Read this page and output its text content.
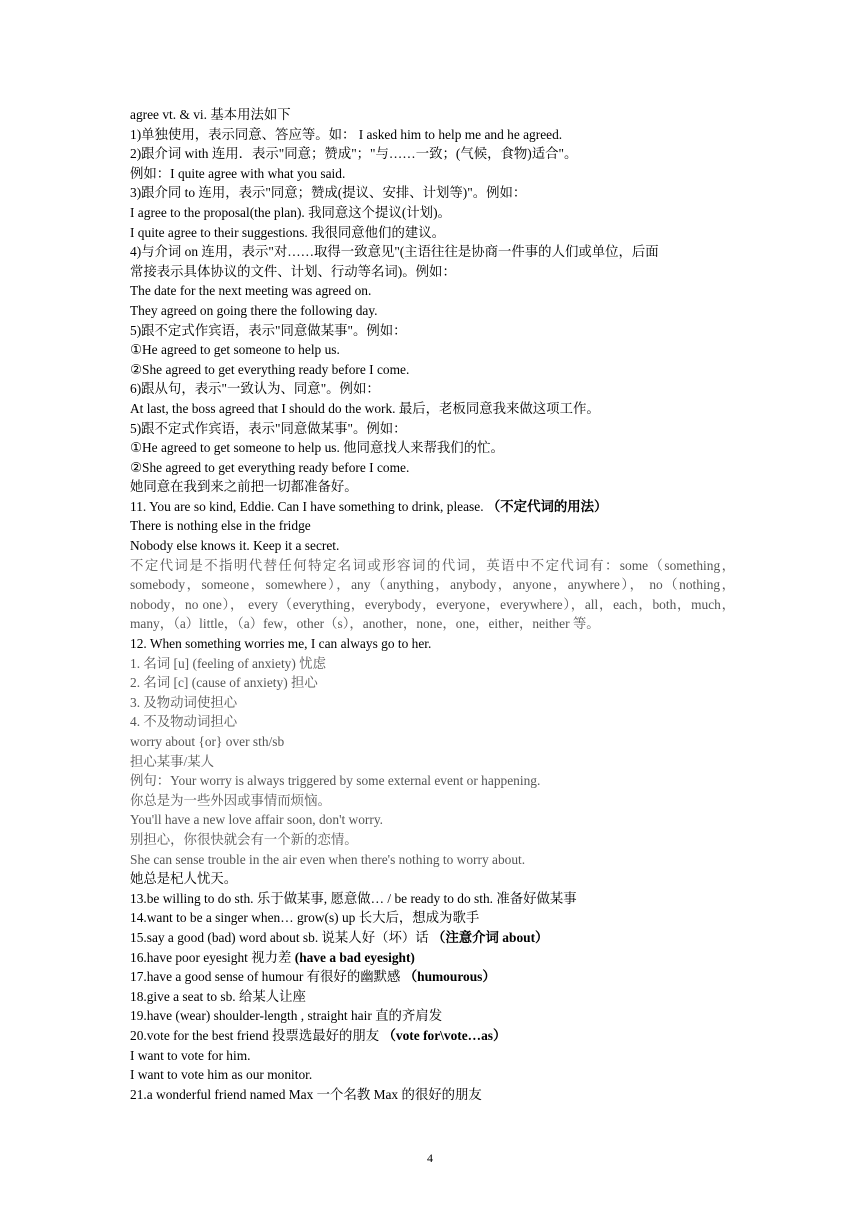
agree vt. & vi. 基本用法如下
1)单独使用，表示同意、答应等。如： I asked him to help me and he agreed.
2)跟介词 with 连用．表示"同意；赞成"；"与……一致；(气候，食物)适合"。
例如：I quite agree with what you said.
3)跟介同 to 连用，表示"同意；赞成(提议、安排、计划等)"。例如：
I agree to the proposal(the plan). 我同意这个提议(计划)。
I quite agree to their suggestions. 我很同意他们的建议。
4)与介词 on 连用，表示"对……取得一致意见"(主语往往是协商一件事的人们或单位，后面
常接表示具体协议的文件、计划、行动等名词)。例如：
The date for the next meeting was agreed on.
They agreed on going there the following day.
5)跟不定式作宾语，表示"同意做某事"。例如：
①He agreed to get someone to help us.
②She agreed to get everything ready before I come.
6)跟从句，表示"一致认为、同意"。例如：
At last, the boss agreed that I should do the work. 最后，老板同意我来做这项工作。
5)跟不定式作宾语，表示"同意做某事"。例如：
①He agreed to get someone to help us. 他同意找人来帮我们的忙。
②She agreed to get everything ready before I come.
她同意在我到来之前把一切都准备好。
11. You are so kind, Eddie. Can I have something to drink, please. （不定代词的用法）
There is nothing else in the fridge
Nobody else knows it. Keep it a secret.
不定代词是不指明代替任何特定名词或形容词的代词，英语中不定代词有：some（something，somebody，someone，somewhere），any（anything，anybody，anyone，anywhere）， no（nothing，nobody，no one）， every（everything，everybody，everyone，everywhere），all，each，both，much，many，（a）little，（a）few，other（s），another，none，one，either，neither 等。
12. When something worries me, I can always go to her.
1. 名词 [u] (feeling of anxiety) 忧虑
2. 名词 [c] (cause of anxiety) 担心
3. 及物动词使担心
4. 不及物动词担心
worry about {or} over sth/sb
担心某事/某人
例句：Your worry is always triggered by some external event or happening.
你总是为一些外因或事情而烦恼。
You'll have a new love affair soon, don't worry.
别担心，你很快就会有一个新的恋情。
She can sense trouble in the air even when there's nothing to worry about.
她总是杞人忧天。
13.be willing to do sth. 乐于做某事, 愿意做… / be ready to do sth. 准备好做某事
14.want to be a singer when… grow(s) up 长大后，想成为歌手
15.say a good (bad) word about sb. 说某人好（坏）话 （注意介词 about）
16.have poor eyesight 视力差 (have a bad eyesight)
17.have a good sense of humour 有很好的幽默感 （humourous）
18.give a seat to sb. 给某人让座
19.have (wear) shoulder-length , straight hair 直的齐肩发
20.vote for the best friend 投票选最好的朋友 （vote for\vote…as）
I want to vote for him.
I want to vote him as our monitor.
21.a wonderful friend named Max 一个名教 Max 的很好的朋友
4
